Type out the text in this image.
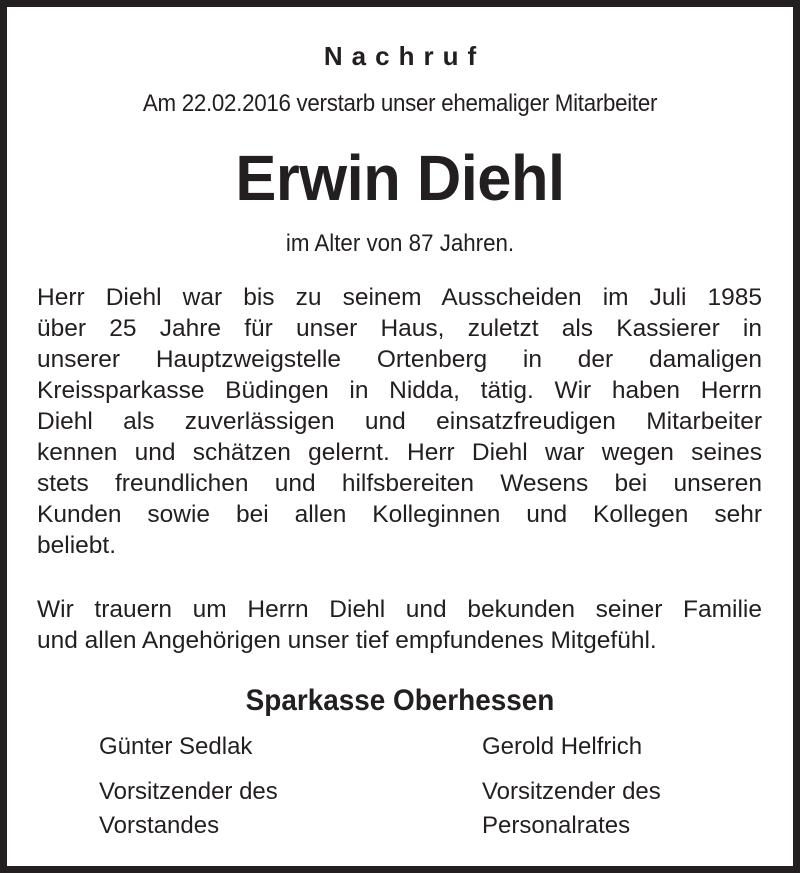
Nachruf
Am 22.02.2016 verstarb unser ehemaliger Mitarbeiter
Erwin Diehl
im Alter von 87 Jahren.
Herr Diehl war bis zu seinem Ausscheiden im Juli 1985
über 25 Jahre für unser Haus, zuletzt als Kassierer in
unserer Hauptzweigstelle Ortenberg in der damaligen
Kreissparkasse Büdingen in Nidda, tätig. Wir haben Herrn
Diehl als zuverlässigen und einsatzfreudigen Mitarbeiter
kennen und schätzen gelernt. Herr Diehl war wegen seines
stets freundlichen und hilfsbereiten Wesens bei unseren
Kunden sowie bei allen Kolleginnen und Kollegen sehr
beliebt.
Wir trauern um Herrn Diehl und bekunden seiner Familie
und allen Angehörigen unser tief empfundenes Mitgefühl.
Sparkasse Oberhessen
Günter Sedlak
Vorsitzender des
Vorstandes
Gerold Helfrich
Vorsitzender des
Personalrates
